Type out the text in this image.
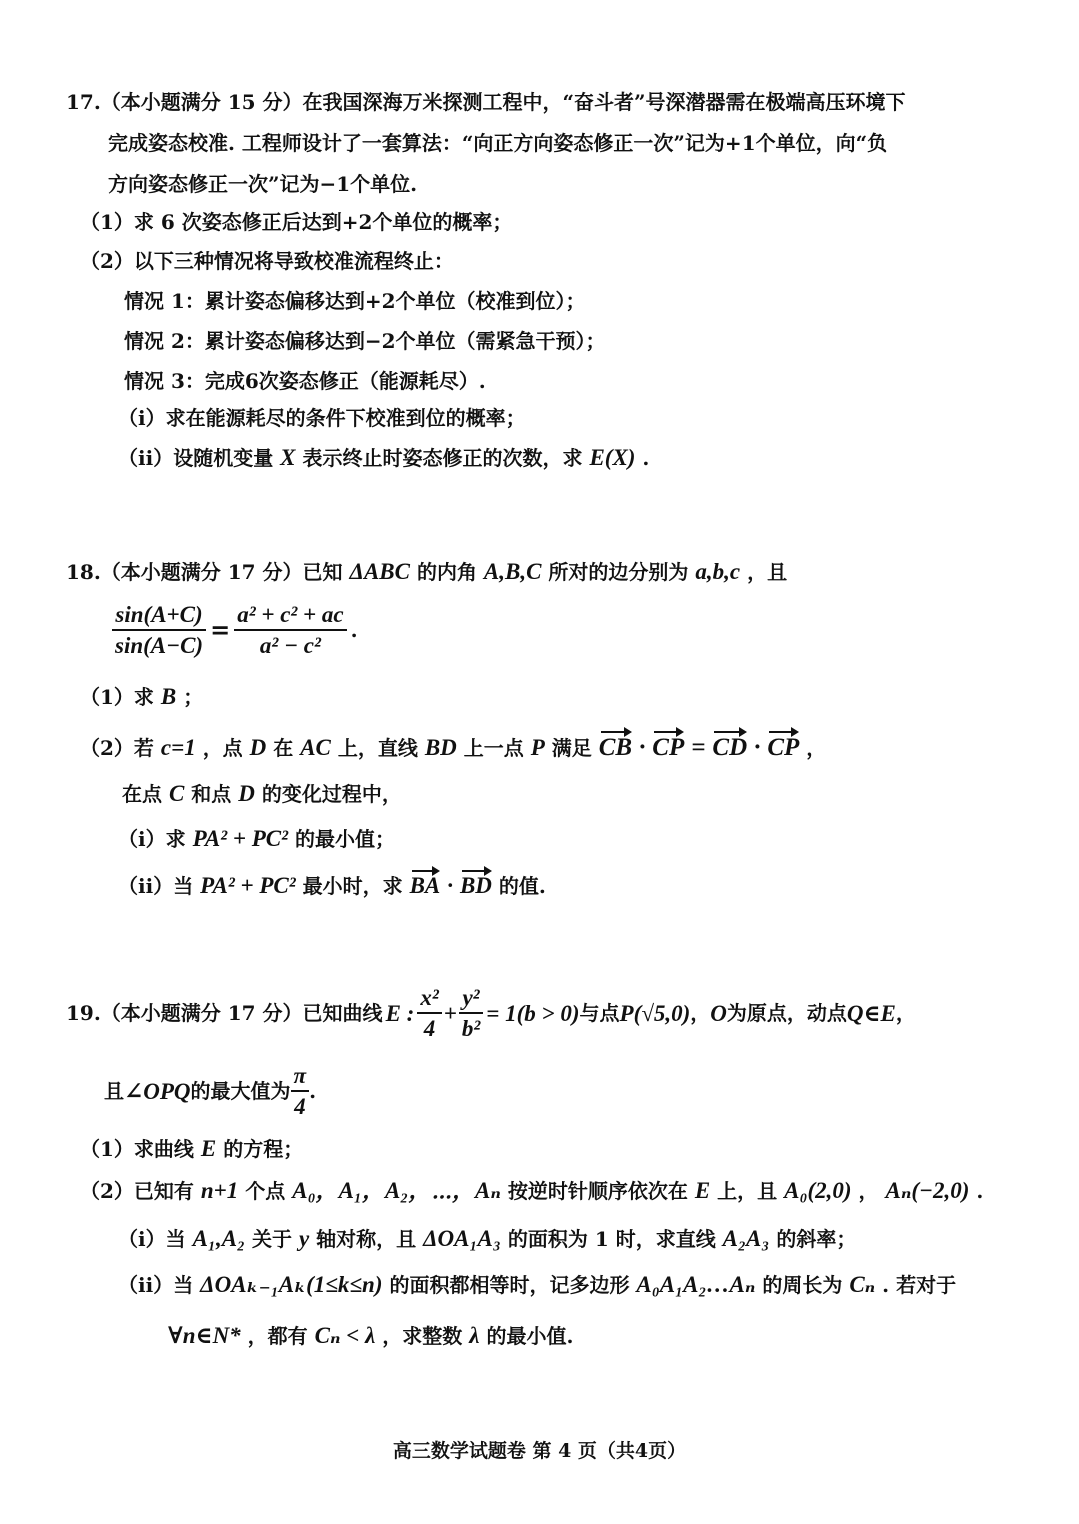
17.（本小题满分 15 分）在我国深海万米探测工程中，“奋斗者”号深潜器需在极端高压环境下
完成姿态校准. 工程师设计了一套算法：“向正方向姿态修正一次”记为+1个单位，向“负
方向姿态修正一次”记为−1个单位.
（1）求 6 次姿态修正后达到+2个单位的概率；
（2）以下三种情况将导致校准流程终止：
情况 1：累计姿态偏移达到+2个单位（校准到位）；
情况 2：累计姿态偏移达到−2个单位（需紧急干预）；
情况 3：完成6次姿态修正（能源耗尽）.
（i）求在能源耗尽的条件下校准到位的概率；
（ii）设随机变量 X 表示终止时姿态修正的次数，求 E(X) .
18.（本小题满分 17 分）已知 ΔABC 的内角 A,B,C 所对的边分别为 a,b,c ，且
$\frac{\sin(A+C)}{\sin(A-C)} = \frac{\text{a² + c² + ac}}{\text{a² − c²}}$ .
（1）求 B ；
（2）若 c=1 ，点 D 在 AC 上，直线 BD 上一点 P 满足 CB · CP = CD · CP ，
在点 C 和点 D 的变化过程中，
（i）求 PA² + PC² 的最小值；
（ii）当 PA² + PC² 最小时，求 BA · BD 的值.
19.（本小题满分 17 分）已知曲线 E : $\frac{\text{x²}}{4} + \frac{\text{y²}}{\text{b²}} = 1(b > 0)$ 与点 P(√5,0) ， O 为原点，动点 Q∈E ，
且 ∠OPQ 的最大值为 $\frac{\pi}{4}$ .
（1）求曲线 E 的方程；
（2）已知有 n+1 个点 A₀，A₁，A₂，⋯，Aₙ 按逆时针顺序依次在 E 上，且 A₀(2,0) ， Aₙ(−2,0) .
（i）当 A₁,A₂ 关于 y 轴对称，且 ΔOA₁A₃ 的面积为 1 时，求直线 A₂A₃ 的斜率；
（ii）当 ΔOAₖ₋₁Aₖ(1≤k≤n) 的面积都相等时，记多边形 A₀A₁A₂…Aₙ 的周长为 Cₙ . 若对于
∀n∈N* ，都有 Cₙ < λ ，求整数 λ 的最小值.
高三数学试题卷 第 4 页（共4页）
